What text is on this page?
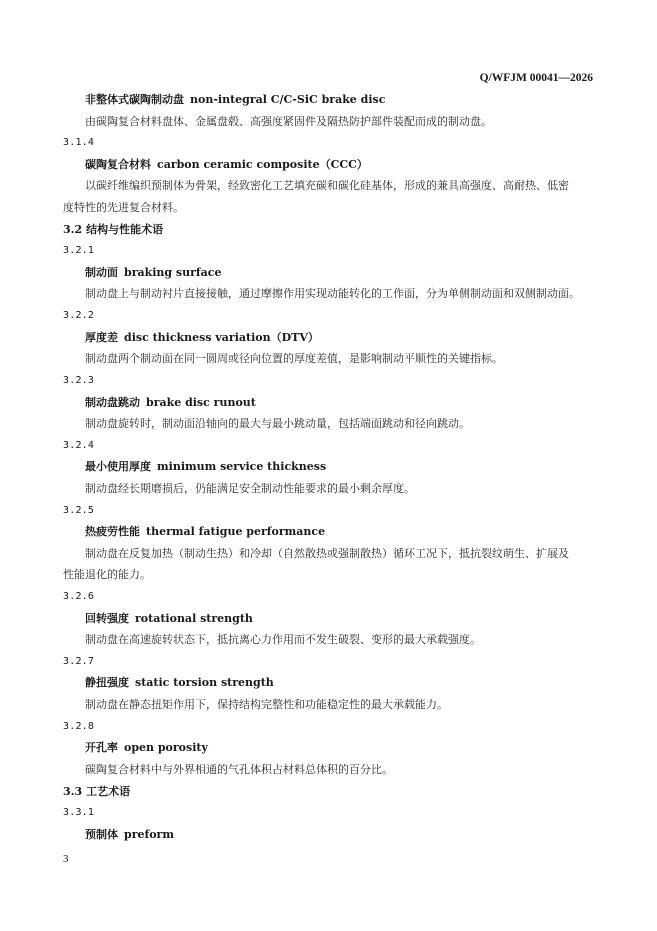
Q/WFJM 00041—2026
非整体式碳陶制动盘 non-integral C/C-SiC brake disc
由碳陶复合材料盘体、金属盘毂、高强度紧固件及隔热防护部件装配而成的制动盘。
3.1.4
碳陶复合材料 carbon ceramic composite（CCC）
以碳纤维编织预制体为骨架，经致密化工艺填充碳和碳化硅基体，形成的兼具高强度、高耐热、低密
度特性的先进复合材料。
3.2 结构与性能术语
3.2.1
制动面 braking surface
制动盘上与制动衬片直接接触，通过摩擦作用实现动能转化的工作面，分为单侧制动面和双侧制动面。
3.2.2
厚度差 disc thickness variation（DTV）
制动盘两个制动面在同一圆周或径向位置的厚度差值，是影响制动平顺性的关键指标。
3.2.3
制动盘跳动 brake disc runout
制动盘旋转时，制动面沿轴向的最大与最小跳动量，包括端面跳动和径向跳动。
3.2.4
最小使用厚度 minimum service thickness
制动盘经长期磨损后，仍能满足安全制动性能要求的最小剩余厚度。
3.2.5
热疲劳性能 thermal fatigue performance
制动盘在反复加热（制动生热）和冷却（自然散热或强制散热）循环工况下，抵抗裂纹萌生、扩展及
性能退化的能力。
3.2.6
回转强度 rotational strength
制动盘在高速旋转状态下，抵抗离心力作用而不发生破裂、变形的最大承载强度。
3.2.7
静扭强度 static torsion strength
制动盘在静态扭矩作用下，保持结构完整性和功能稳定性的最大承载能力。
3.2.8
开孔率 open porosity
碳陶复合材料中与外界相通的气孔体积占材料总体积的百分比。
3.3 工艺术语
3.3.1
预制体 preform
3
